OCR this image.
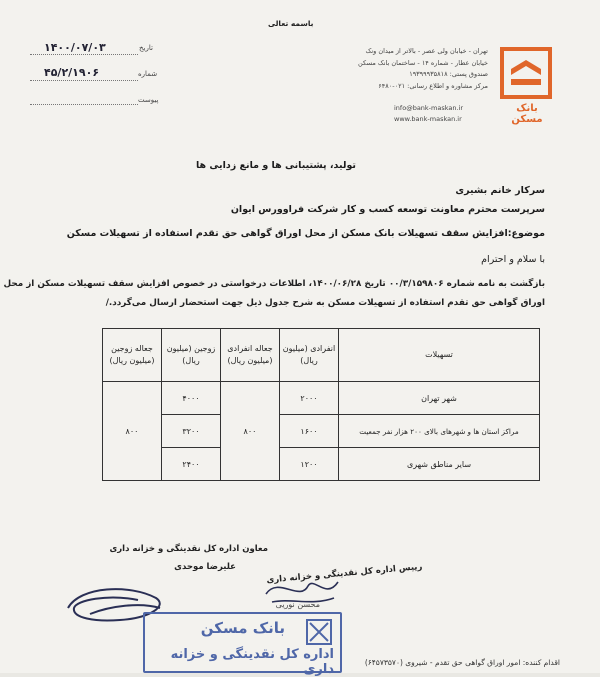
باسمه تعالی
تاریخ
۱۴۰۰/۰۷/۰۳
شماره
۴۵/۲/۱۹۰۶
پیوست
تهران - خیابان ولی عصر - بالاتر از میدان ونک
خیابان عطار - شماره ۱۴ - ساختمان بانک مسکن
صندوق پستی: ۱۹۳۹۹۹۳۵۸۱۸
مرکز مشاوره و اطلاع رسانی: ۰۲۱-۶۴۸۰
info@bank-maskan.ir
www.bank-maskan.ir
بانک مسکن
تولید، پشتیبانی ها و مانع زدایی ها
سرکار خانم بشیری
سرپرست محترم معاونت توسعه کسب و کار شرکت فراوورس ایوان
موضوع:افزایش سقف تسهیلات بانک مسکن از محل اوراق گواهی حق تقدم استفاده از تسهیلات مسکن
با سلام و احترام
بازگشت به نامه شماره ۰۰/۳/۱۵۹۸۰۶ تاریخ ۱۴۰۰/۰۶/۲۸، اطلاعات درخواستی در خصوص افزایش سقف تسهیلات مسکن از محل
اوراق گواهی حق تقدم استفاده از تسهیلات مسکن به شرح جدول ذیل جهت استحضار ارسال می‌گردد./
تسهیلات	انفرادی (میلیون ریال)	جعاله انفرادی (میلیون ریال)	زوجین (میلیون ریال)	جعاله زوجین (میلیون ریال)
شهر تهران	۲۰۰۰	۸۰۰	۴۰۰۰	۸۰۰
مراکز استان ها و شهرهای بالای ۲۰۰ هزار نفر جمعیت	۱۶۰۰		۳۲۰۰	
سایر مناطق شهری	۱۲۰۰		۲۴۰۰	
معاون اداره کل نقدینگی و خزانه داری
علیرضا موحدی	رییس اداره کل نقدینگی و خزانه داری
محسن نوریی
بانک مسکن
اداره کل نقدینگی و خزانه داری	اقدام کننده: امور اوراق گواهی حق تقدم - شیروی (۶۴۵۷۳۵۷۰)
